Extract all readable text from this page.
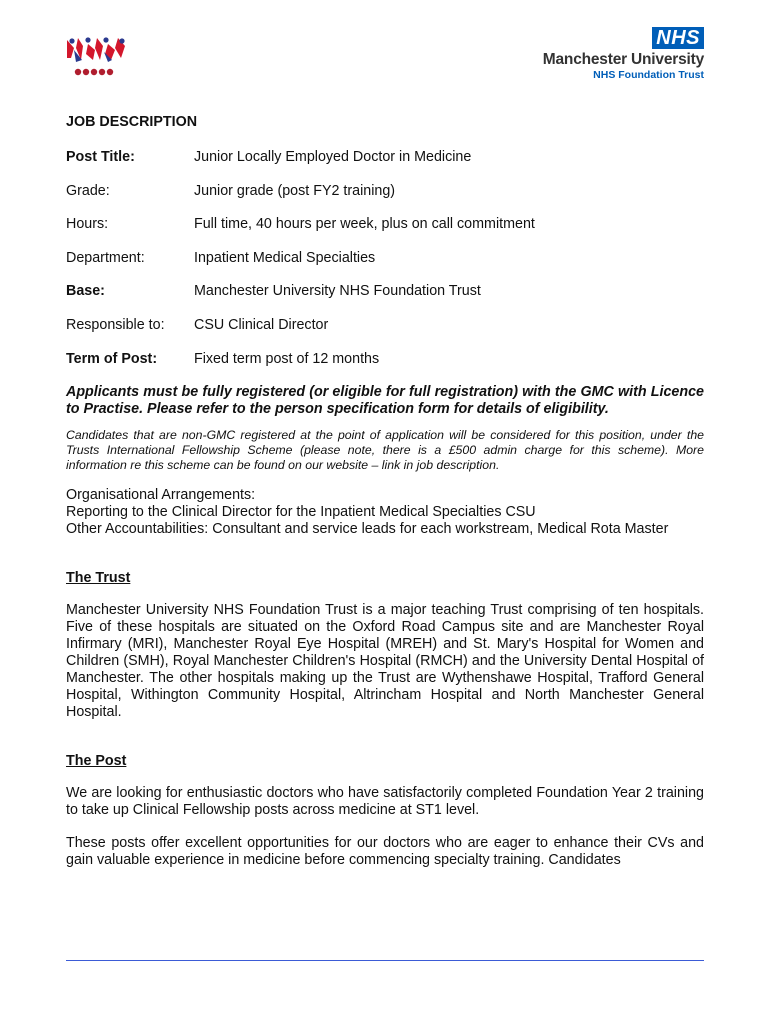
NHS
Manchester University
NHS Foundation Trust
JOB DESCRIPTION
Post Title:	Junior Locally Employed Doctor in Medicine
Grade:	Junior grade (post FY2 training)
Hours:	Full time, 40 hours per week, plus on call commitment
Department:	Inpatient Medical Specialties
Base:	Manchester University NHS Foundation Trust
Responsible to:	CSU Clinical Director
Term of Post:	Fixed term post of 12 months
Applicants must be fully registered (or eligible for full registration) with the GMC with Licence to Practise. Please refer to the person specification form for details of eligibility.
Candidates that are non-GMC registered at the point of application will be considered for this position, under the Trusts International Fellowship Scheme (please note, there is a £500 admin charge for this scheme). More information re this scheme can be found on our website – link in job description.

Organisational Arrangements:

Reporting to the Clinical Director for the Inpatient Medical Specialties CSU

Other Accountabilities: Consultant and service leads for each workstream, Medical Rota Master

The Trust

Manchester University NHS Foundation Trust is a major teaching Trust comprising of ten hospitals. Five of these hospitals are situated on the Oxford Road Campus site and are Manchester Royal Infirmary (MRI), Manchester Royal Eye Hospital (MREH) and St. Mary's Hospital for Women and Children (SMH), Royal Manchester Children's Hospital (RMCH) and the University Dental Hospital of Manchester. The other hospitals making up the Trust are Wythenshawe Hospital, Trafford General Hospital, Withington Community Hospital, Altrincham Hospital and North Manchester General Hospital.

The Post

We are looking for enthusiastic doctors who have satisfactorily completed Foundation Year 2 training to take up Clinical Fellowship posts across medicine at ST1 level.

These posts offer excellent opportunities for our doctors who are eager to enhance their CVs and gain valuable experience in medicine before commencing specialty training. Candidates
